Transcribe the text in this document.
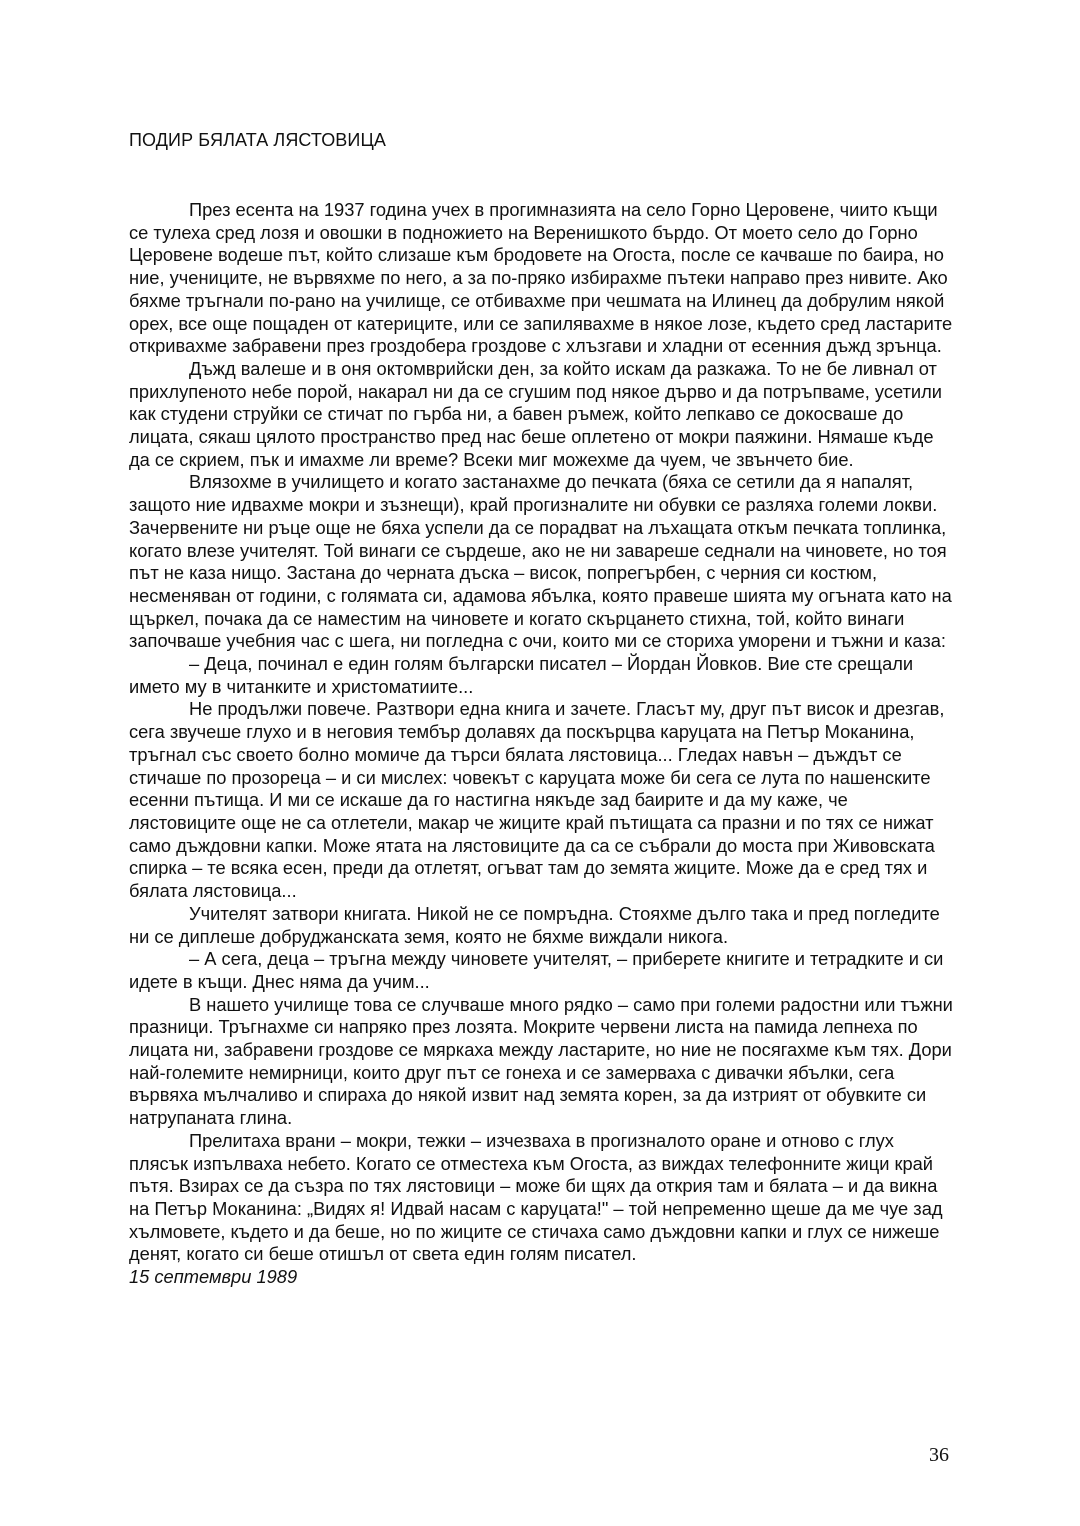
ПОДИР БЯЛАТА ЛЯСТОВИЦА

През есента на 1937 година учех в прогимназията на село Горно Церовене, чиито къщи се тулеха сред лозя и овошки в подножието на Веренишкото бърдо. От моето село до Горно Церовене водеше път, който слизаше към бродовете на Огоста, после се качваше по баира, но ние, учениците, не вървяхме по него, а за по-пряко избирахме пътеки направо през нивите. Ако бяхме тръгнали по-рано на училище, се отбивахме при чешмата на Илинец да добрулим някой орех, все още пощаден от катериците, или се запилявахме в някое лозе, където сред ластарите откривахме забравени през гроздобера гроздове с хлъзгави и хладни от есенния дъжд зрънца.

Дъжд валеше и в оня октомврийски ден, за който искам да разкажа. То не бе ливнал от прихлупеното небе порой, накарал ни да се сгушим под някое дърво и да потръпваме, усетили как студени струйки се стичат по гърба ни, а бавен ръмеж, който лепкаво се докосваше до лицата, сякаш цялото пространство пред нас беше оплетено от мокри паяжини. Нямаше къде да се скрием, пък и имахме ли време? Всеки миг можехме да чуем, че звънчето бие.

Влязохме в училището и когато застанахме до печката (бяха се сетили да я напалят, защото ние идвахме мокри и зъзнещи), край прогизналите ни обувки се разляха големи локви. Зачервените ни ръце още не бяха успели да се порадват на лъхащата откъм печката топлинка, когато влезе учителят. Той винаги се сърдеше, ако не ни завареше седнали на чиновете, но тоя път не каза нищо. Застана до черната дъска – висок, попрегърбен, с черния си костюм, несменяван от години, с голямата си, адамова ябълка, която правеше шията му огъната като на щъркел, почака да се наместим на чиновете и когато скърцането стихна, той, който винаги започваше учебния час с шега, ни погледна с очи, които ми се сториха уморени и тъжни и каза:

– Деца, починал е един голям български писател – Йордан Йовков. Вие сте срещали името му в читанките и христоматиите...

Не продължи повече. Разтвори една книга и зачете. Гласът му, друг път висок и дрезгав, сега звучеше глухо и в неговия тембър долавях да поскърцва каруцата на Петър Моканина, тръгнал със своето болно момиче да търси бялата лястовица... Гледах навън – дъждът се стичаше по прозореца – и си мислех: човекът с каруцата може би сега се лута по нашенските есенни пътища. И ми се искаше да го настигна някъде зад баирите и да му каже, че лястовиците още не са отлетели, макар че жиците край пътищата са празни и по тях се нижат само дъждовни капки. Може ятата на лястовиците да са се събрали до моста при Живовската спирка – те всяка есен, преди да отлетят, огъват там до земята жиците. Може да е сред тях и бялата лястовица...

Учителят затвори книгата. Никой не се помръдна. Стояхме дълго така и пред погледите ни се диплеше добруджанската земя, която не бяхме виждали никога.

– А сега, деца – тръгна между чиновете учителят, – приберете книгите и тетрадките и си идете в къщи. Днес няма да учим...

В нашето училище това се случваше много рядко – само при големи радостни или тъжни празници. Тръгнахме си напряко през лозята. Мокрите червени листа на памида лепнеха по лицата ни, забравени гроздове се мяркаха между ластарите, но ние не посягахме към тях. Дори най-големите немирници, които друг път се гонеха и се замерваха с дивачки ябълки, сега вървяха мълчаливо и спираха до някой извит над земята корен, за да изтрият от обувките си натрупаната глина.

Прелитаха врани – мокри, тежки – изчезваха в прогизналото оране и отново с глух плясък изпълваха небето. Когато се отместеха към Огоста, аз виждах телефонните жици край пътя. Взирах се да съзра по тях лястовици – може би щях да открия там и бялата – и да викна на Петър Моканина: „Видях я! Идвай насам с каруцата!" – той непременно щеше да ме чуе зад хълмовете, където и да беше, но по жиците се стичаха само дъждовни капки и глух се нижеше денят, когато си беше отишъл от света един голям писател.

15 септември 1989

36
